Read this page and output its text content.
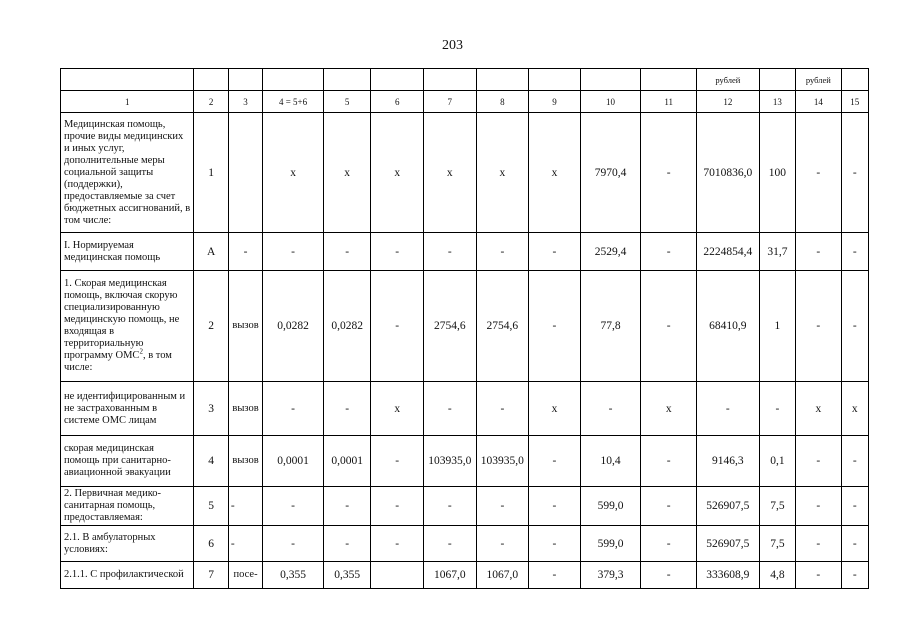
203
											рублей		рублей	
1	2	3	4 = 5+6	5	6	7	8	9	10	11	12	13	14	15
Медицинская помощь, прочие виды медицинских и иных услуг, дополнительные меры социальной защиты (поддержки), предоставляемые за счет бюджетных ассигнований, в том числе:	1		x	x	x	x	x	x	7970,4	-	7010836,0	100	-	-
I. Нормируемая медицинская помощь	А	-	-	-	-	-	-	-	2529,4	-	2224854,4	31,7	-	-
1. Скорая медицинская помощь, включая скорую специализированную медицинскую помощь, не входящая в территориальную программу ОМС$^2$, в том числе:	2	вызов	0,0282	0,0282	-	2754,6	2754,6	-	77,8	-	68410,9	1	-	-
не идентифицированным и не застрахованным в системе ОМС лицам	3	вызов	-	-	x	-	-	x	-	x	-	-	x	x
скорая медицинская помощь при санитарно-авиационной эвакуации	4	вызов	0,0001	0,0001	-	103935,0	103935,0	-	10,4	-	9146,3	0,1	-	-
2. Первичная медико-санитарная помощь, предоставляемая:	5	-	-	-	-	-	-	-	599,0	-	526907,5	7,5	-	-
2.1. В амбулаторных условиях:	6	-	-	-	-	-	-	-	599,0	-	526907,5	7,5	-	-
2.1.1. С профилактической	7	посе-	0,355	0,355		1067,0	1067,0	-	379,3	-	333608,9	4,8	-	-
